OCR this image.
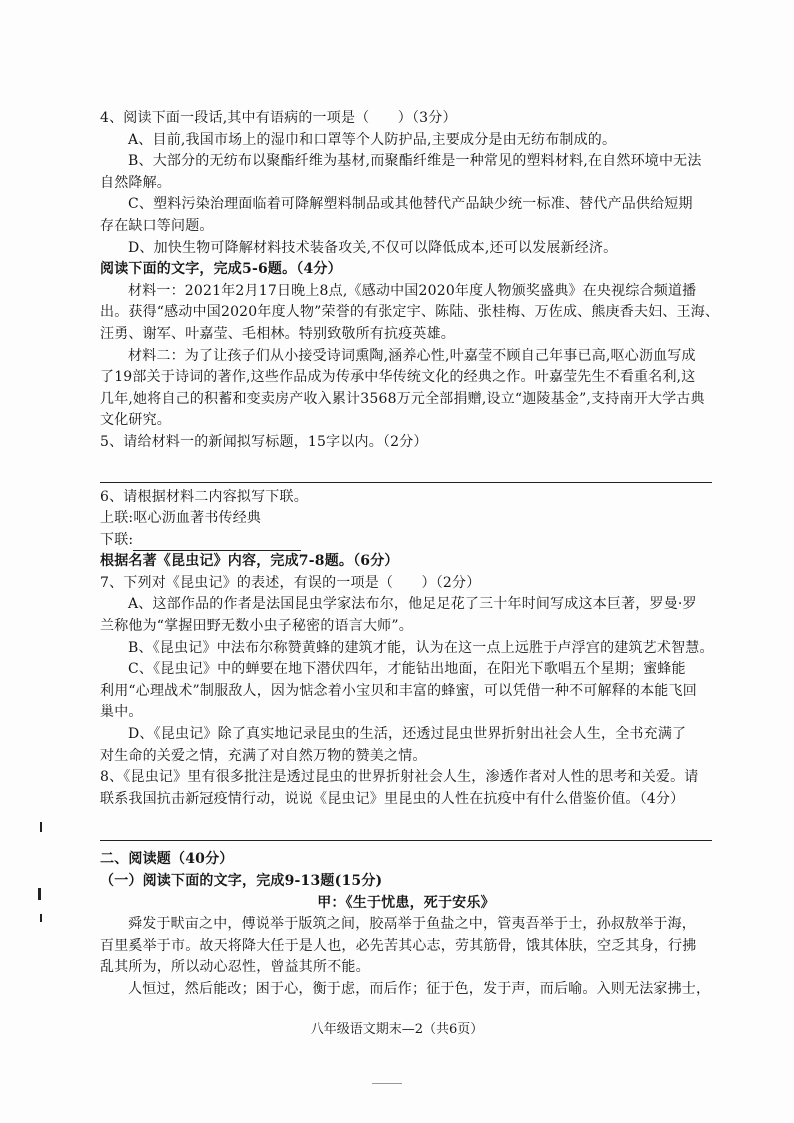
4、阅读下面一段话,其中有语病的一项是（　　）（3分）
A、目前,我国市场上的湿巾和口罩等个人防护品,主要成分是由无纺布制成的。
B、大部分的无纺布以聚酯纤维为基材,而聚酯纤维是一种常见的塑料材料,在自然环境中无法
自然降解。
C、塑料污染治理面临着可降解塑料制品或其他替代产品缺少统一标准、替代产品供给短期
存在缺口等问题。
D、加快生物可降解材料技术装备攻关,不仅可以降低成本,还可以发展新经济。
阅读下面的文字，完成5-6题。（4分）
材料一：2021年2月17日晚上8点,《感动中国2020年度人物颁奖盛典》在央视综合频道播
出。获得“感动中国2020年度人物”荣誉的有张定宇、陈陆、张桂梅、万佐成、熊庚香夫妇、王海、
汪勇、谢军、叶嘉莹、毛相林。特别致敬所有抗疫英雄。
材料二：为了让孩子们从小接受诗词熏陶,涵养心性,叶嘉莹不顾自己年事已高,呕心沥血写成
了19部关于诗词的著作,这些作品成为传承中华传统文化的经典之作。叶嘉莹先生不看重名利,这
几年,她将自己的积蓄和变卖房产收入累计3568万元全部捐赠,设立“迦陵基金”,支持南开大学古典
文化研究。
5、请给材料一的新闻拟写标题，15字以内。（2分）
6、请根据材料二内容拟写下联。
上联:呕心沥血著书传经典
下联:
根据名著《昆虫记》内容，完成7-8题。（6分）
7、下列对《昆虫记》的表述，有误的一项是（　　）（2分）
A、这部作品的作者是法国昆虫学家法布尔，他足足花了三十年时间写成这本巨著，罗曼·罗
兰称他为“掌握田野无数小虫子秘密的语言大师”。
B、《昆虫记》中法布尔称赞黄蜂的建筑才能，认为在这一点上远胜于卢浮宫的建筑艺术智慧。
C、《昆虫记》中的蝉要在地下潜伏四年，才能钻出地面，在阳光下歌唱五个星期；蜜蜂能
利用“心理战术”制服敌人，因为惦念着小宝贝和丰富的蜂蜜，可以凭借一种不可解释的本能飞回
巢中。
D、《昆虫记》除了真实地记录昆虫的生活，还透过昆虫世界折射出社会人生，全书充满了
对生命的关爱之情，充满了对自然万物的赞美之情。
8、《昆虫记》里有很多批注是透过昆虫的世界折射社会人生，渗透作者对人性的思考和关爱。请
联系我国抗击新冠疫情行动，说说《昆虫记》里昆虫的人性在抗疫中有什么借鉴价值。（4分）
二、阅读题（40分）
（一）阅读下面的文字，完成9-13题(15分)
甲：《生于忧患，死于安乐》
舜发于畎亩之中，傅说举于版筑之间，胶鬲举于鱼盐之中，管夷吾举于士，孙叔敖举于海，
百里奚举于市。故天将降大任于是人也，必先苦其心志，劳其筋骨，饿其体肤，空乏其身，行拂
乱其所为，所以动心忍性，曾益其所不能。
人恒过，然后能改；困于心，衡于虑，而后作；征于色，发于声，而后喻。入则无法家拂士，
八年级语文期末—2（共6页）
